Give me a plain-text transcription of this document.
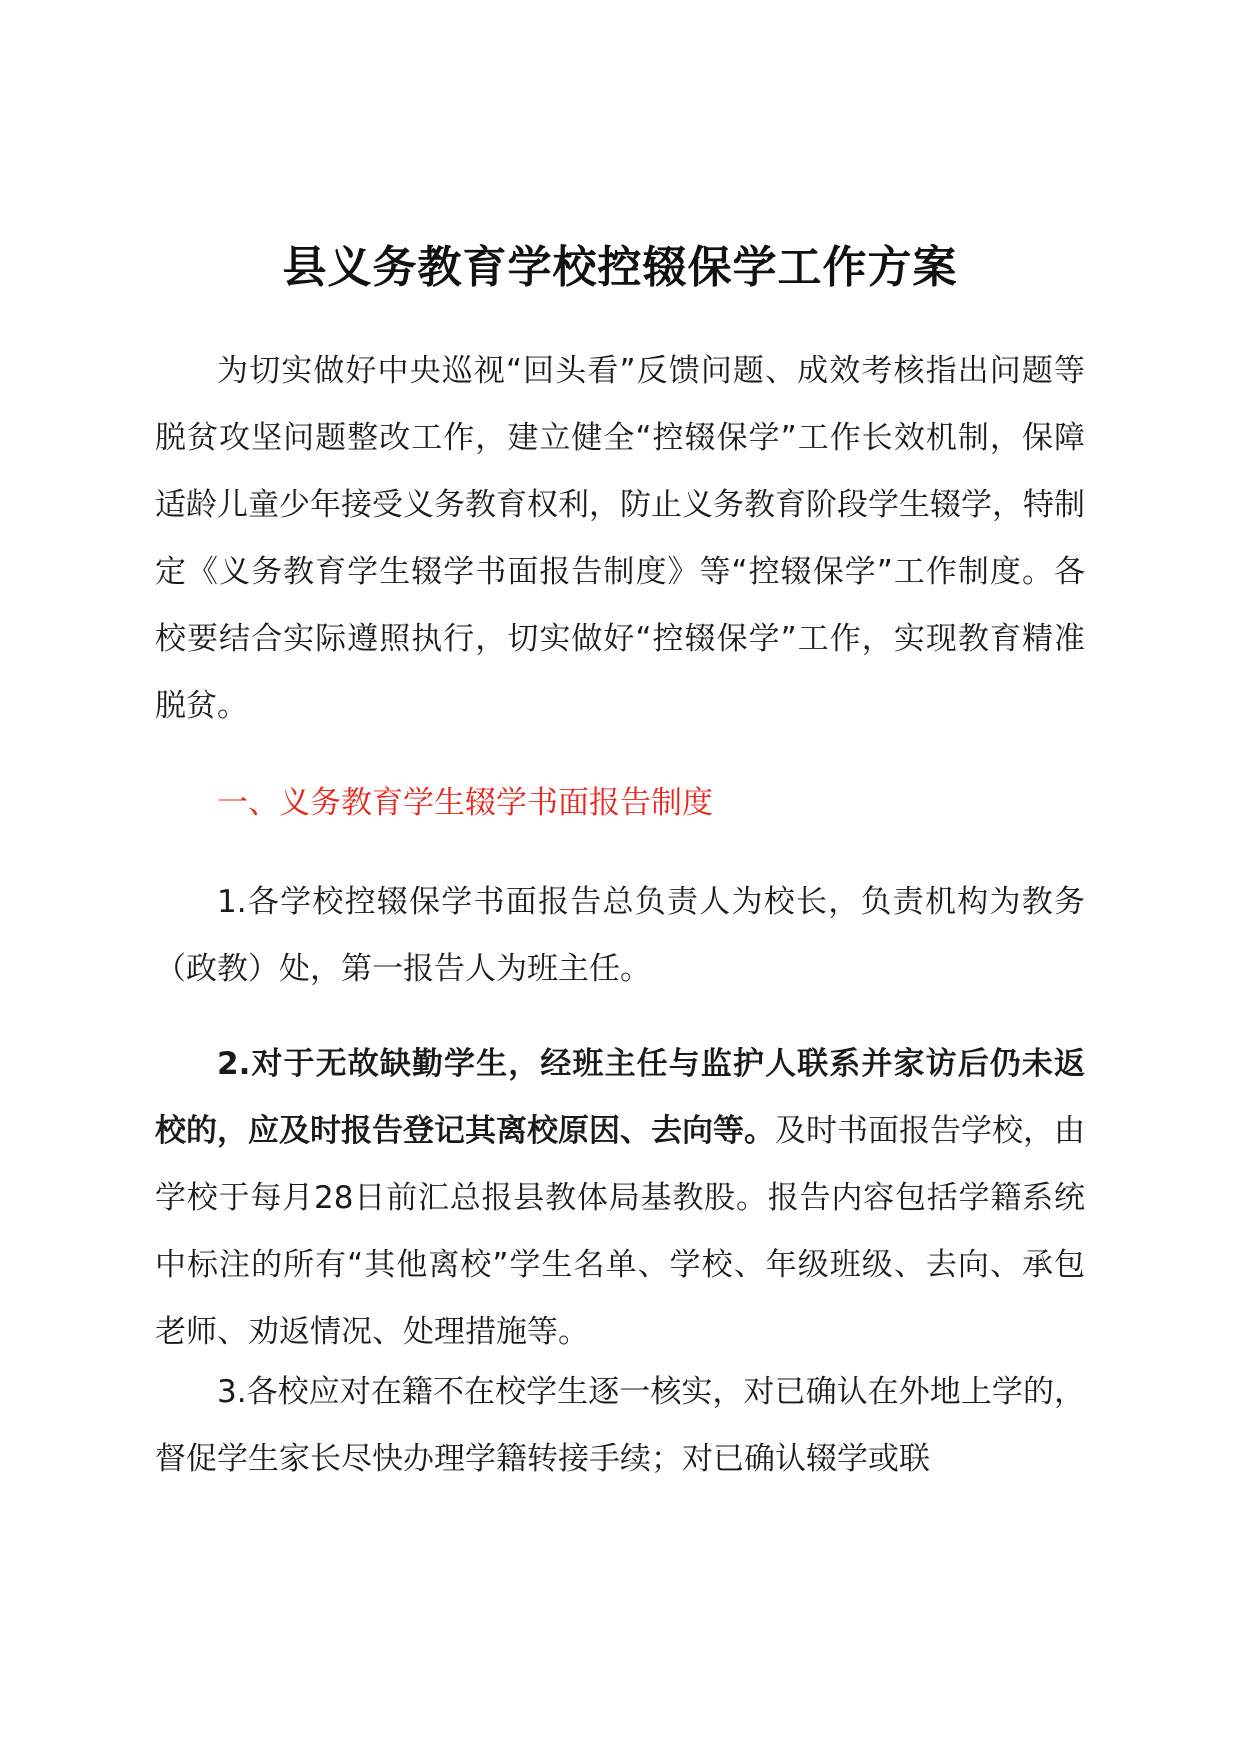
县义务教育学校控辍保学工作方案

为切实做好中央巡视“回头看”反馈问题、成效考核指出问题等脱贫攻坚问题整改工作，建立健全“控辍保学”工作长效机制，保障适龄儿童少年接受义务教育权利，防止义务教育阶段学生辍学，特制定《义务教育学生辍学书面报告制度》等“控辍保学”工作制度。各校要结合实际遵照执行，切实做好“控辍保学”工作，实现教育精准脱贫。

一、义务教育学生辍学书面报告制度

1.各学校控辍保学书面报告总负责人为校长，负责机构为教务（政教）处，第一报告人为班主任。

2.对于无故缺勤学生，经班主任与监护人联系并家访后仍未返校的，应及时报告登记其离校原因、去向等。及时书面报告学校，由学校于每月28日前汇总报县教体局基教股。报告内容包括学籍系统中标注的所有“其他离校”学生名单、学校、年级班级、去向、承包老师、劝返情况、处理措施等。

3.各校应对在籍不在校学生逐一核实，对已确认在外地上学的，督促学生家长尽快办理学籍转接手续；对已确认辍学或联
